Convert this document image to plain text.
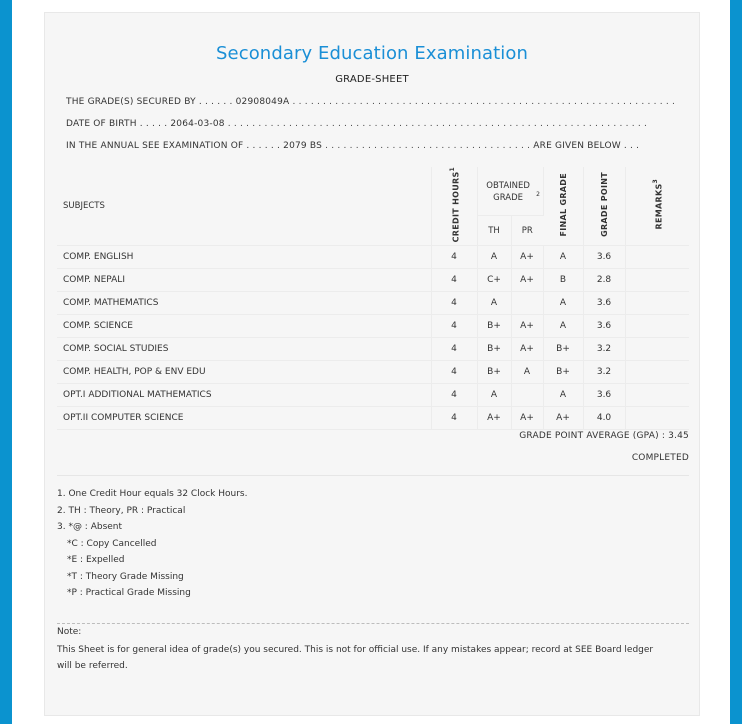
Secondary Education Examination
GRADE-SHEET
THE GRADE(S) SECURED BY . . . . . . 02908049A . . . . . . . . . . . . . . . . . . . . . . . . . . . . . . . . . . . . . . . . . . . . . . . . . . . . . . . . . . . . . . .
DATE OF BIRTH . . . . . 2064-03-08 . . . . . . . . . . . . . . . . . . . . . . . . . . . . . . . . . . . . . . . . . . . . . . . . . . . . . . . . . . . . . . . . . . . . .
IN THE ANNUAL SEE EXAMINATION OF . . . . . . 2079 BS . . . . . . . . . . . . . . . . . . . . . . . . . . . . . . . . . . ARE GIVEN BELOW . . .
SUBJECTS	CREDIT HOURS$^1$	OBTAINED GRADE $^2$		FINAL GRADE	GRADE POINT	REMARKS$^3$
		TH	PR			
COMP. ENGLISH	4	A	A+	A	3.6	
COMP. NEPALI	4	C+	A+	B	2.8	
COMP. MATHEMATICS	4	A		A	3.6	
COMP. SCIENCE	4	B+	A+	A	3.6	
COMP. SOCIAL STUDIES	4	B+	A+	B+	3.2	
COMP. HEALTH, POP & ENV EDU	4	B+	A	B+	3.2	
OPT.I ADDITIONAL MATHEMATICS	4	A		A	3.6	
OPT.II COMPUTER SCIENCE	4	A+	A+	A+	4.0	
GRADE POINT AVERAGE (GPA) : 3.45
COMPLETED
1. One Credit Hour equals 32 Clock Hours.
2. TH : Theory, PR : Practical
3. *@ : Absent
*C : Copy Cancelled
*E : Expelled
*T : Theory Grade Missing
*P : Practical Grade Missing
Note:
This Sheet is for general idea of grade(s) you secured. This is not for official use. If any mistakes appear; record at SEE Board ledger will be referred.
